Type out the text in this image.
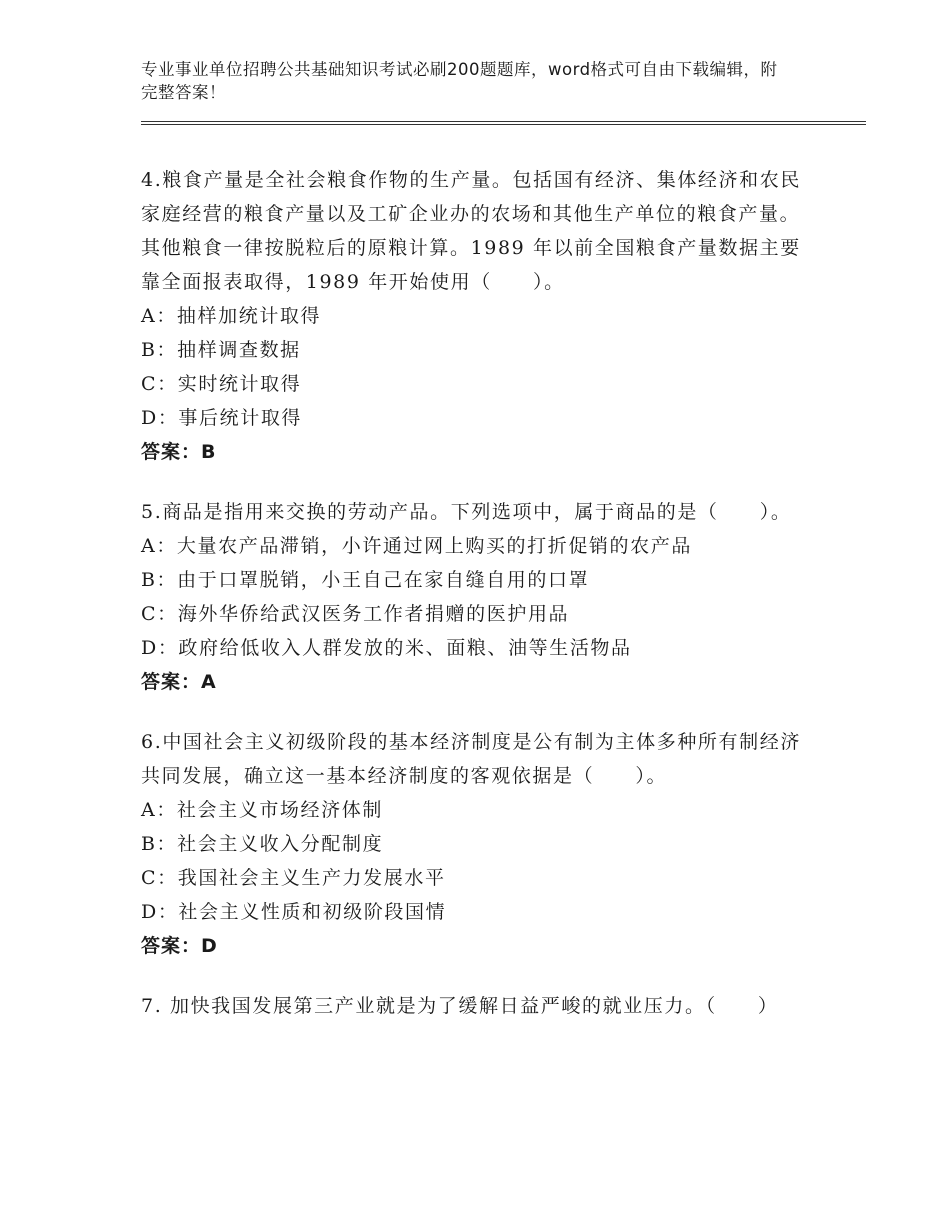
专业事业单位招聘公共基础知识考试必刷200题题库，word格式可自由下载编辑，附完整答案！

4.粮食产量是全社会粮食作物的生产量。包括国有经济、集体经济和农民家庭经营的粮食产量以及工矿企业办的农场和其他生产单位的粮食产量。其他粮食一律按脱粒后的原粮计算。1989 年以前全国粮食产量数据主要靠全面报表取得，1989 年开始使用（　　）。

A：抽样加统计取得

B：抽样调查数据

C：实时统计取得

D：事后统计取得

答案：B

5.商品是指用来交换的劳动产品。下列选项中，属于商品的是（　　）。

A：大量农产品滞销，小许通过网上购买的打折促销的农产品

B：由于口罩脱销，小王自己在家自缝自用的口罩

C：海外华侨给武汉医务工作者捐赠的医护用品

D：政府给低收入人群发放的米、面粮、油等生活物品

答案：A

6.中国社会主义初级阶段的基本经济制度是公有制为主体多种所有制经济共同发展，确立这一基本经济制度的客观依据是（　　）。

A：社会主义市场经济体制

B：社会主义收入分配制度

C：我国社会主义生产力发展水平

D：社会主义性质和初级阶段国情

答案：D

7. 加快我国发展第三产业就是为了缓解日益严峻的就业压力。（　　）
